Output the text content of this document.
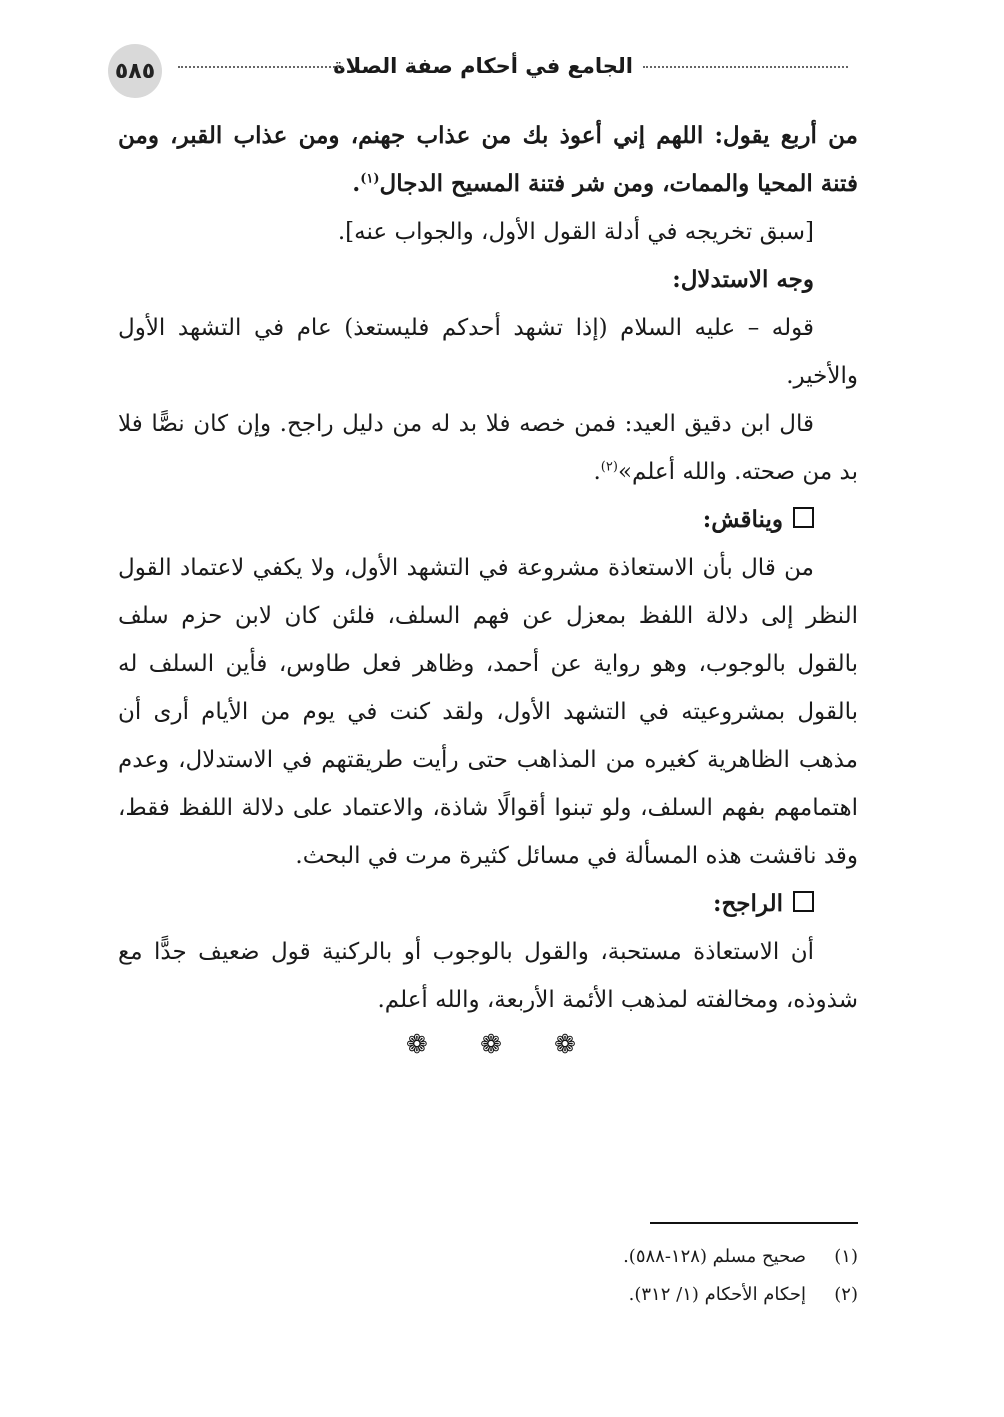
الجامع في أحكام صفة الصلاة
٥٨٥

من أربع يقول: اللهم إني أعوذ بك من عذاب جهنم، ومن عذاب القبر، ومن فتنة المحيا والممات، ومن شر فتنة المسيح الدجال$^{(١)}$.

[سبق تخريجه في أدلة القول الأول، والجواب عنه].

وجه الاستدلال:

قوله – عليه السلام (إذا تشهد أحدكم فليستعذ) عام في التشهد الأول والأخير.

قال ابن دقيق العيد: فمن خصه فلا بد له من دليل راجح. وإن كان نصًّا فلا بد من صحته. والله أعلم»$^{(٢)}$.

ويناقش:

من قال بأن الاستعاذة مشروعة في التشهد الأول، ولا يكفي لاعتماد القول النظر إلى دلالة اللفظ بمعزل عن فهم السلف، فلئن كان لابن حزم سلف بالقول بالوجوب، وهو رواية عن أحمد، وظاهر فعل طاوس، فأين السلف له بالقول بمشروعيته في التشهد الأول، ولقد كنت في يوم من الأيام أرى أن مذهب الظاهرية كغيره من المذاهب حتى رأيت طريقتهم في الاستدلال، وعدم اهتمامهم بفهم السلف، ولو تبنوا أقوالًا شاذة، والاعتماد على دلالة اللفظ فقط، وقد ناقشت هذه المسألة في مسائل كثيرة مرت في البحث.

الراجح:

أن الاستعاذة مستحبة، والقول بالوجوب أو بالركنية قول ضعيف جدًّا مع شذوذه، ومخالفته لمذهب الأئمة الأربعة، والله أعلم.

❁ ❁ ❁

(١)صحيح مسلم (١٢٨-٥٨٨).

(٢)إحكام الأحكام (١/ ٣١٢).
